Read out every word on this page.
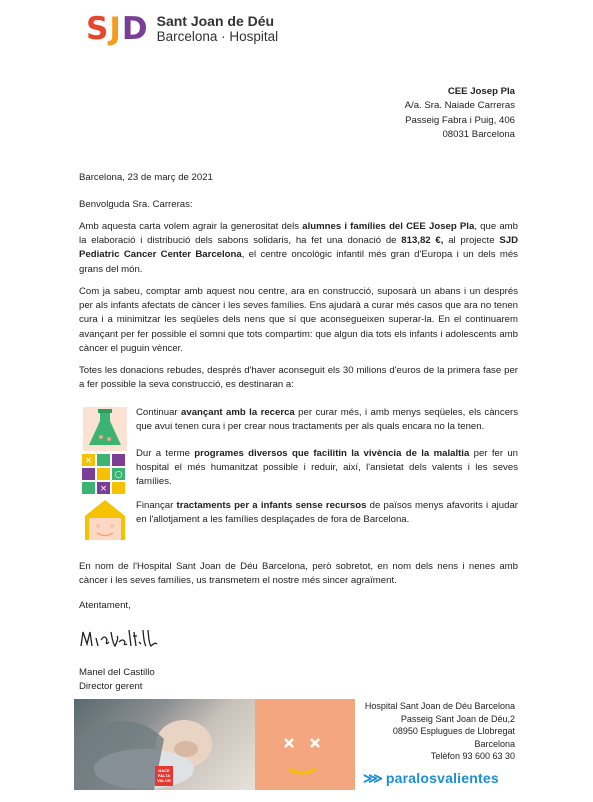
SJD Sant Joan de Déu
Barcelona · Hospital
CEE Josep Pla
A/a. Sra. Naiade Carreras
Passeig Fabra i Puig, 406
08031 Barcelona
Barcelona, 23 de març de 2021
Benvolguda Sra. Carreras:
Amb aquesta carta volem agrair la generositat dels alumnes i famílies del CEE Josep Pla, que amb la elaboració i distribució dels sabons solidaris, ha fet una donació de 813,82 €, al projecte SJD Pediatric Cancer Center Barcelona, el centre oncològic infantil més gran d'Europa i un dels més grans del món.
Com ja sabeu, comptar amb aquest nou centre, ara en construcció, suposarà un abans i un després per als infants afectats de càncer i les seves famílies. Ens ajudarà a curar més casos que ara no tenen cura i a minimitzar les seqüeles dels nens que sí que aconsegueixen superar-la. En el continuarem avançant per fer possible el somni que tots compartim: que algun dia tots els infants i adolescents amb càncer el puguin vèncer.
Totes les donacions rebudes, després d'haver aconseguit els 30 milions d'euros de la primera fase per a fer possible la seva construcció, es destinaran a:
×
○
×
× ×
Continuar avançant amb la recerca per curar més, i amb menys seqüeles, els càncers que avui tenen cura i per crear nous tractaments per als quals encara no la tenen.
Dur a terme programes diversos que facilitin la vivència de la malaltia per fer un hospital el més humanitzat possible i reduir, així, l'ansietat dels valents i les seves famílies.
Finançar tractaments per a infants sense recursos de països menys afavorits i ajudar en l'allotjament a les famílies desplaçades de fora de Barcelona.
En nom de l'Hospital Sant Joan de Déu Barcelona, però sobretot, en nom dels nens i nenes amb càncer i les seves famílies, us transmetem el nostre més sincer agraïment.
Atentament,
Manel del Castillo
Director gerent
HACE FALTA VALOR
Hospital Sant Joan de Déu Barcelona
Passeig Sant Joan de Déu,2
08950 Esplugues de Llobregat
Barcelona
Telèfon 93 600 63 30
⋙ paralosvalientes
